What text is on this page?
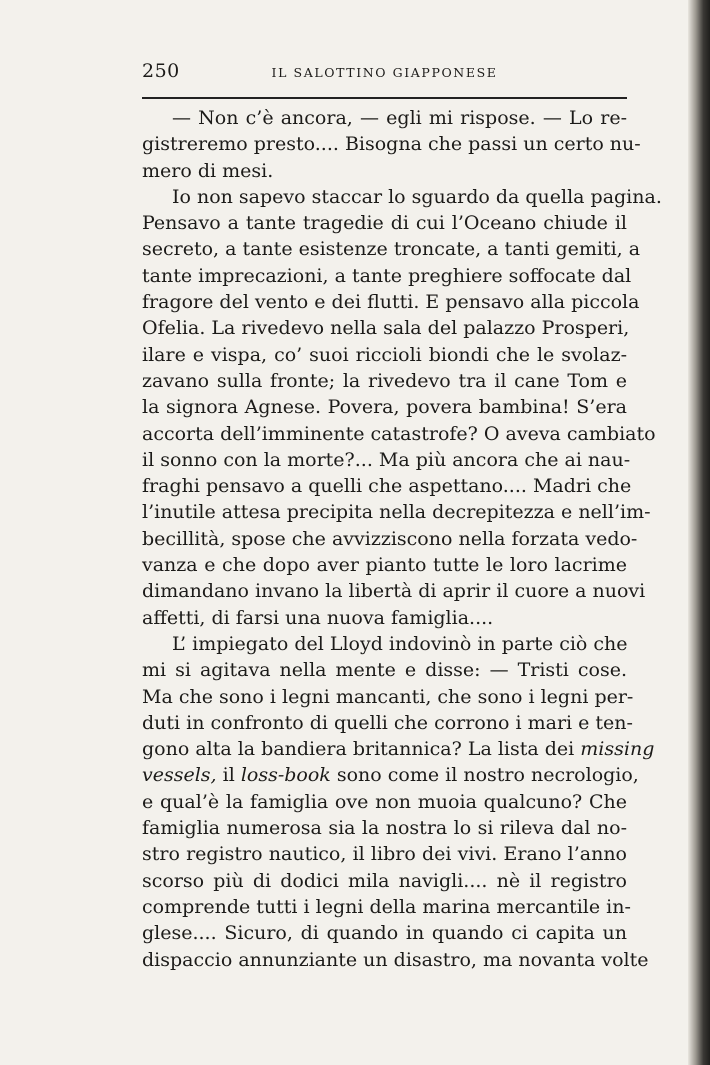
250	IL SALOTTINO GIAPPONESE
— Non c’è ancora, — egli mi rispose. — Lo re-
gistreremo presto.... Bisogna che passi un certo nu-
mero di mesi.
Io non sapevo staccar lo sguardo da quella pagina.
Pensavo a tante tragedie di cui l’Oceano chiude il
secreto, a tante esistenze troncate, a tanti gemiti, a
tante imprecazioni, a tante preghiere soffocate dal
fragore del vento e dei flutti. E pensavo alla piccola
Ofelia. La rivedevo nella sala del palazzo Prosperi,
ilare e vispa, co’ suoi riccioli biondi che le svolaz-
zavano sulla fronte; la rivedevo tra il cane Tom e
la signora Agnese. Povera, povera bambina! S’era
accorta dell’imminente catastrofe? O aveva cambiato
il sonno con la morte?... Ma più ancora che ai nau-
fraghi pensavo a quelli che aspettano.... Madri che
l’inutile attesa precipita nella decrepitezza e nell’im-
becillità, spose che avvizziscono nella forzata vedo-
vanza e che dopo aver pianto tutte le loro lacrime
dimandano invano la libertà di aprir il cuore a nuovi
affetti, di farsi una nuova famiglia....
L’ impiegato del Lloyd indovinò in parte ciò che
mi si agitava nella mente e disse: — Tristi cose.
Ma che sono i legni mancanti, che sono i legni per-
duti in confronto di quelli che corrono i mari e ten-
gono alta la bandiera britannica? La lista dei missing
vessels, il loss-book sono come il nostro necrologio,
e qual’è la famiglia ove non muoia qualcuno? Che
famiglia numerosa sia la nostra lo si rileva dal no-
stro registro nautico, il libro dei vivi. Erano l’anno
scorso più di dodici mila navigli.... nè il registro
comprende tutti i legni della marina mercantile in-
glese.... Sicuro, di quando in quando ci capita un
dispaccio annunziante un disastro, ma novanta volte
